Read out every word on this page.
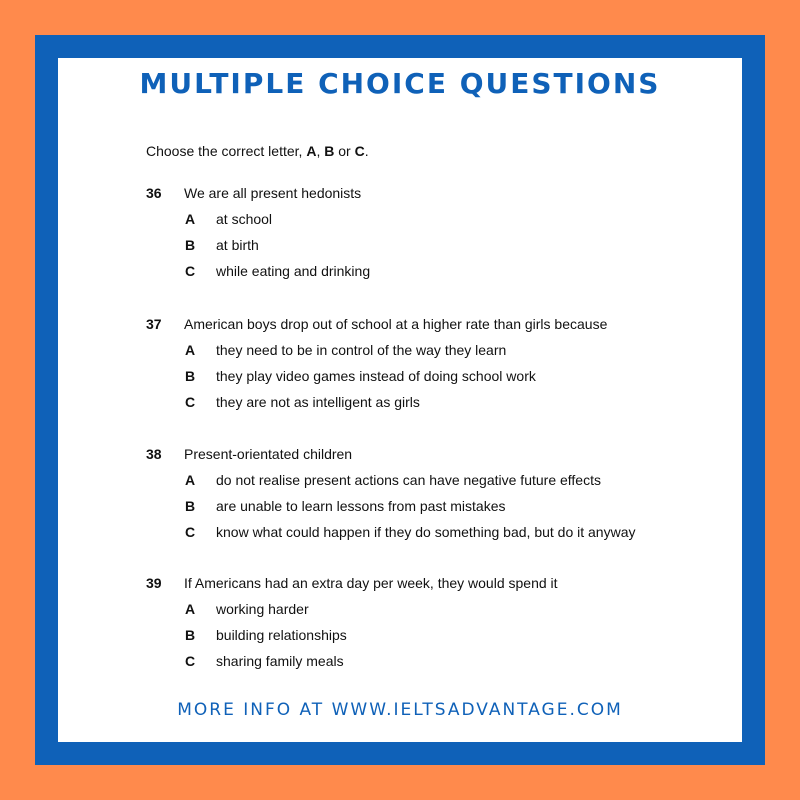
MULTIPLE CHOICE QUESTIONS
Choose the correct letter, A, B or C.
36 We are all present hedonists
A at school
B at birth
C while eating and drinking
37 American boys drop out of school at a higher rate than girls because
A they need to be in control of the way they learn
B they play video games instead of doing school work
C they are not as intelligent as girls
38 Present-orientated children
A do not realise present actions can have negative future effects
B are unable to learn lessons from past mistakes
C know what could happen if they do something bad, but do it anyway
39 If Americans had an extra day per week, they would spend it
A working harder
B building relationships
C sharing family meals
MORE INFO AT WWW.IELTSADVANTAGE.COM
